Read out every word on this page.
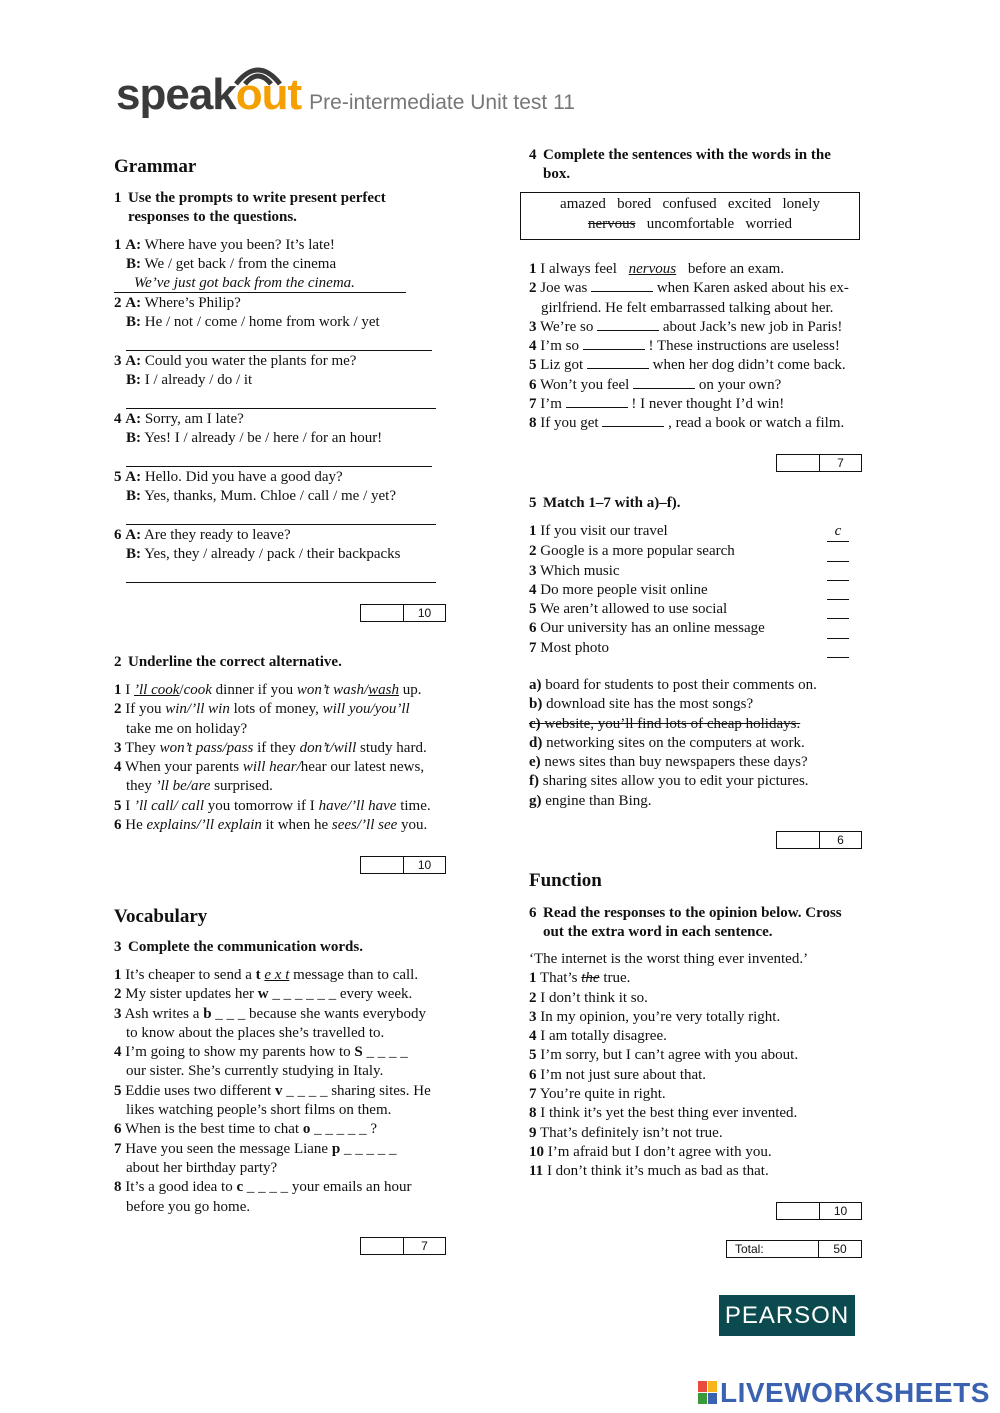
speakout Pre-intermediate Unit test 11
Grammar
1 Use the prompts to write present perfect
responses to the questions.
1 A: Where have you been? It’s late!
B: We / get back / from the cinema
We’ve just got back from the cinema.
2 A: Where’s Philip?
B: He / not / come / home from work / yet
3 A: Could you water the plants for me?
B: I / already / do / it
4 A: Sorry, am I late?
B: Yes! I / already / be / here / for an hour!
5 A: Hello. Did you have a good day?
B: Yes, thanks, Mum. Chloe / call / me / yet?
6 A: Are they ready to leave?
B: Yes, they / already / pack / their backpacks
10
2 Underline the correct alternative.
1 I ’ll cook/cook dinner if you won’t wash/wash up.
2 If you win/’ll win lots of money, will you/you’ll
take me on holiday?
3 They won’t pass/pass if they don’t/will study hard.
4 When your parents will hear/hear our latest news,
they ’ll be/are surprised.
5 I ’ll call/ call you tomorrow if I have/’ll have time.
6 He explains/’ll explain it when he sees/’ll see you.
10
Vocabulary
3 Complete the communication words.
1 It’s cheaper to send a t e x t message than to call.
2 My sister updates her w _ _ _ _ _ _ every week.
3 Ash writes a b _ _ _ because she wants everybody
to know about the places she’s travelled to.
4 I’m going to show my parents how to S _ _ _ _
our sister. She’s currently studying in Italy.
5 Eddie uses two different v _ _ _ _ sharing sites. He
likes watching people’s short films on them.
6 When is the best time to chat o _ _ _ _ _ ?
7 Have you seen the message Liane p _ _ _ _ _
about her birthday party?
8 It’s a good idea to c _ _ _ _ your emails an hour
before you go home.
7
4 Complete the sentences with the words in the
box.
amazed   bored   confused   excited   lonely
nervous   uncomfortable   worried
1 I always feel nervous before an exam.
2 Joe was	when Karen asked about his ex-
girlfriend. He felt embarrassed talking about her.
3 We’re so	about Jack’s new job in Paris!
4 I’m so	! These instructions are useless!
5 Liz got	when her dog didn’t come back.
6 Won’t you feel	on your own?
7 I’m	! I never thought I’d win!
8 If you get	, read a book or watch a film.
7
5 Match 1–7 with a)–f).
1 If you visit our travel	c
2 Google is a more popular search
3 Which music
4 Do more people visit online
5 We aren’t allowed to use social
6 Our university has an online message
7 Most photo
a) board for students to post their comments on.
b) download site has the most songs?
c) website, you’ll find lots of cheap holidays.
d) networking sites on the computers at work.
e) news sites than buy newspapers these days?
f) sharing sites allow you to edit your pictures.
g) engine than Bing.
6
Function
6 Read the responses to the opinion below. Cross
out the extra word in each sentence.
‘The internet is the worst thing ever invented.’
1 That’s the true.
2 I don’t think it so.
3 In my opinion, you’re very totally right.
4 I am totally disagree.
5 I’m sorry, but I can’t agree with you about.
6 I’m not just sure about that.
7 You’re quite in right.
8 I think it’s yet the best thing ever invented.
9 That’s definitely isn’t not true.
10 I’m afraid but I don’t agree with you.
11 I don’t think it’s much as bad as that.
10
Total:	50
PEARSON
LIVEWORKSHEETS
